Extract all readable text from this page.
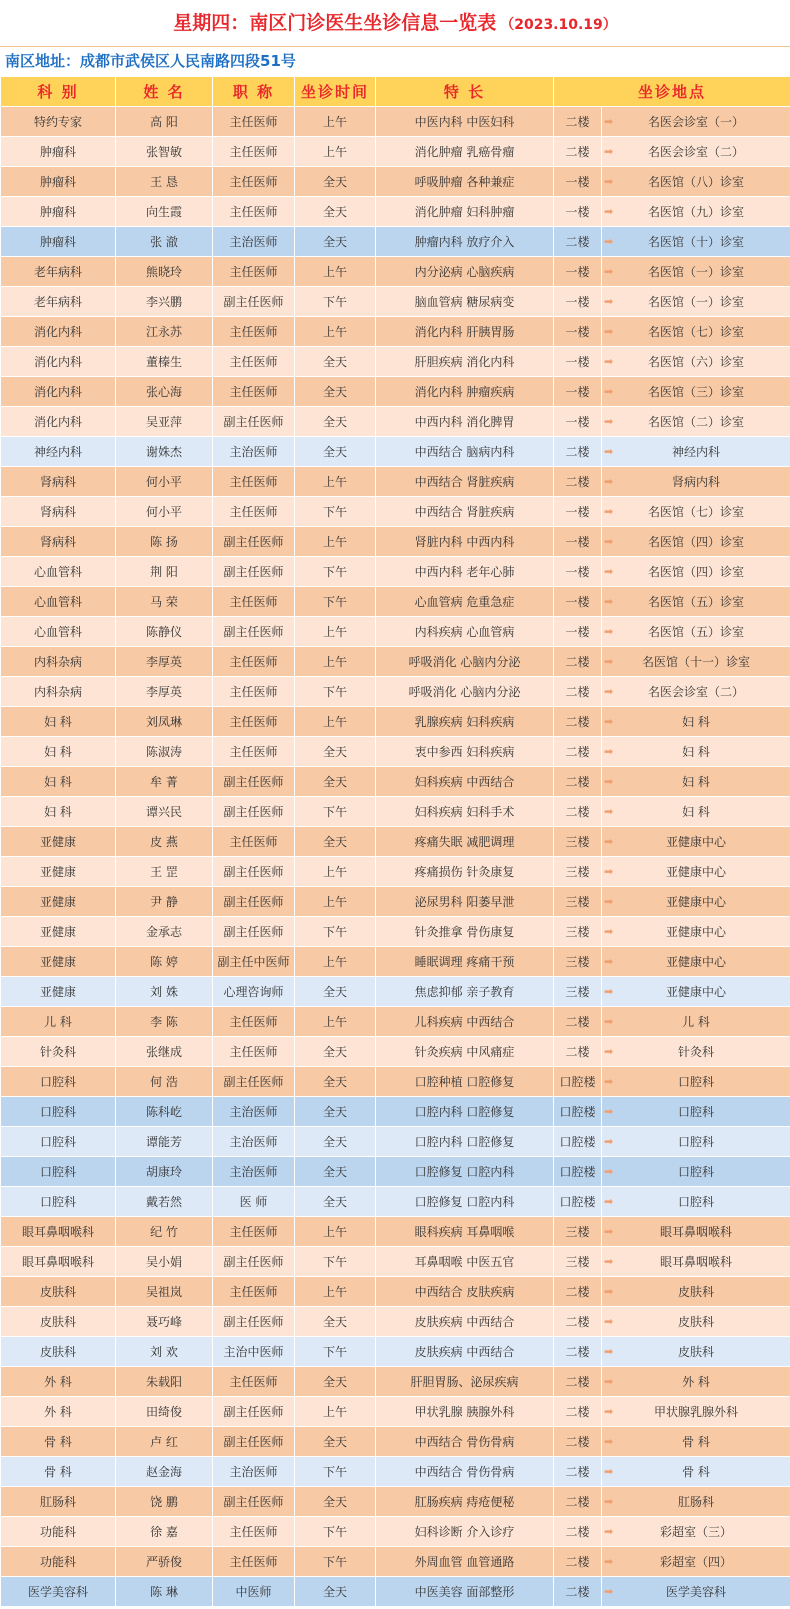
星期四：南区门诊医生坐诊信息一览表 （2023.10.19）
南区地址：成都市武侯区人民南路四段51号
科 别	姓 名	职 称	坐诊时间	特 长	坐诊地点	
特约专家	高 阳	主任医师	上午	中医内科 中医妇科	二楼	➡ 名医会诊室（一）
肿瘤科	张智敏	主任医师	上午	消化肿瘤 乳癌骨瘤	二楼	➡ 名医会诊室（二）
肿瘤科	王 恳	主任医师	全天	呼吸肿瘤 各种兼症	一楼	➡ 名医馆（八）诊室
肿瘤科	向生霞	主任医师	全天	消化肿瘤 妇科肿瘤	一楼	➡ 名医馆（九）诊室
肿瘤科	张 澈	主治医师	全天	肿瘤内科 放疗介入	二楼	➡ 名医馆（十）诊室
老年病科	熊晓玲	主任医师	上午	内分泌病 心脑疾病	一楼	➡ 名医馆（一）诊室
老年病科	李兴鹏	副主任医师	下午	脑血管病 糖尿病变	一楼	➡ 名医馆（一）诊室
消化内科	江永苏	主任医师	上午	消化内科 肝胰胃肠	一楼	➡ 名医馆（七）诊室
消化内科	董榛生	主任医师	全天	肝胆疾病 消化内科	一楼	➡ 名医馆（六）诊室
消化内科	张心海	主任医师	全天	消化内科 肿瘤疾病	一楼	➡ 名医馆（三）诊室
消化内科	吴亚萍	副主任医师	全天	中西内科 消化脾胃	一楼	➡ 名医馆（二）诊室
神经内科	谢姝杰	主治医师	全天	中西结合 脑病内科	二楼	➡ 神经内科
肾病科	何小平	主任医师	上午	中西结合 肾脏疾病	二楼	➡ 肾病内科
肾病科	何小平	主任医师	下午	中西结合 肾脏疾病	一楼	➡ 名医馆（七）诊室
肾病科	陈 扬	副主任医师	上午	肾脏内科 中西内科	一楼	➡ 名医馆（四）诊室
心血管科	荆 阳	副主任医师	下午	中西内科 老年心肺	一楼	➡ 名医馆（四）诊室
心血管科	马 荣	主任医师	下午	心血管病 危重急症	一楼	➡ 名医馆（五）诊室
心血管科	陈静仪	副主任医师	上午	内科疾病 心血管病	一楼	➡ 名医馆（五）诊室
内科杂病	李厚英	主任医师	上午	呼吸消化 心脑内分泌	二楼	➡ 名医馆（十一）诊室
内科杂病	李厚英	主任医师	下午	呼吸消化 心脑内分泌	二楼	➡ 名医会诊室（二）
妇 科	刘凤琳	主任医师	上午	乳腺疾病 妇科疾病	二楼	➡ 妇 科
妇 科	陈淑涛	主任医师	全天	衷中参西 妇科疾病	二楼	➡ 妇 科
妇 科	牟 菁	副主任医师	全天	妇科疾病 中西结合	二楼	➡ 妇 科
妇 科	谭兴民	副主任医师	下午	妇科疾病 妇科手术	二楼	➡ 妇 科
亚健康	皮 燕	主任医师	全天	疼痛失眠 减肥调理	三楼	➡ 亚健康中心
亚健康	王 罡	副主任医师	上午	疼痛损伤 针灸康复	三楼	➡ 亚健康中心
亚健康	尹 静	副主任医师	上午	泌尿男科 阳萎早泄	三楼	➡ 亚健康中心
亚健康	金承志	副主任医师	下午	针灸推拿 骨伤康复	三楼	➡ 亚健康中心
亚健康	陈 婷	副主任中医师	上午	睡眠调理 疼痛干预	三楼	➡ 亚健康中心
亚健康	刘 姝	心理咨询师	全天	焦虑抑郁 亲子教育	三楼	➡ 亚健康中心
儿 科	李 陈	主任医师	上午	儿科疾病 中西结合	二楼	➡ 儿 科
针灸科	张继成	主任医师	全天	针灸疾病 中风痛症	二楼	➡ 针灸科
口腔科	何 浩	副主任医师	全天	口腔种植 口腔修复	口腔楼	➡ 口腔科
口腔科	陈科屹	主治医师	全天	口腔内科 口腔修复	口腔楼	➡ 口腔科
口腔科	谭能芳	主治医师	全天	口腔内科 口腔修复	口腔楼	➡ 口腔科
口腔科	胡康玲	主治医师	全天	口腔修复 口腔内科	口腔楼	➡ 口腔科
口腔科	戴若然	医 师	全天	口腔修复 口腔内科	口腔楼	➡ 口腔科
眼耳鼻咽喉科	纪 竹	主任医师	上午	眼科疾病 耳鼻咽喉	三楼	➡ 眼耳鼻咽喉科
眼耳鼻咽喉科	吴小娟	副主任医师	下午	耳鼻咽喉 中医五官	三楼	➡ 眼耳鼻咽喉科
皮肤科	吴祖岚	主任医师	上午	中西结合 皮肤疾病	二楼	➡ 皮肤科
皮肤科	聂巧峰	副主任医师	全天	皮肤疾病 中西结合	二楼	➡ 皮肤科
皮肤科	刘 欢	主治中医师	下午	皮肤疾病 中西结合	二楼	➡ 皮肤科
外 科	朱载阳	主任医师	全天	肝胆胃肠、泌尿疾病	二楼	➡ 外 科
外 科	田绮俊	副主任医师	上午	甲状乳腺 胰腺外科	二楼	➡ 甲状腺乳腺外科
骨 科	卢 红	副主任医师	全天	中西结合 骨伤骨病	二楼	➡ 骨 科
骨 科	赵金海	主治医师	下午	中西结合 骨伤骨病	二楼	➡ 骨 科
肛肠科	饶 鹏	副主任医师	全天	肛肠疾病 痔疮便秘	二楼	➡ 肛肠科
功能科	徐 嘉	主任医师	下午	妇科诊断 介入诊疗	二楼	➡ 彩超室（三）
功能科	严骄俊	主任医师	下午	外周血管 血管通路	二楼	➡ 彩超室（四）
医学美容科	陈 琳	中医师	全天	中医美容 面部整形	二楼	➡ 医学美容科
